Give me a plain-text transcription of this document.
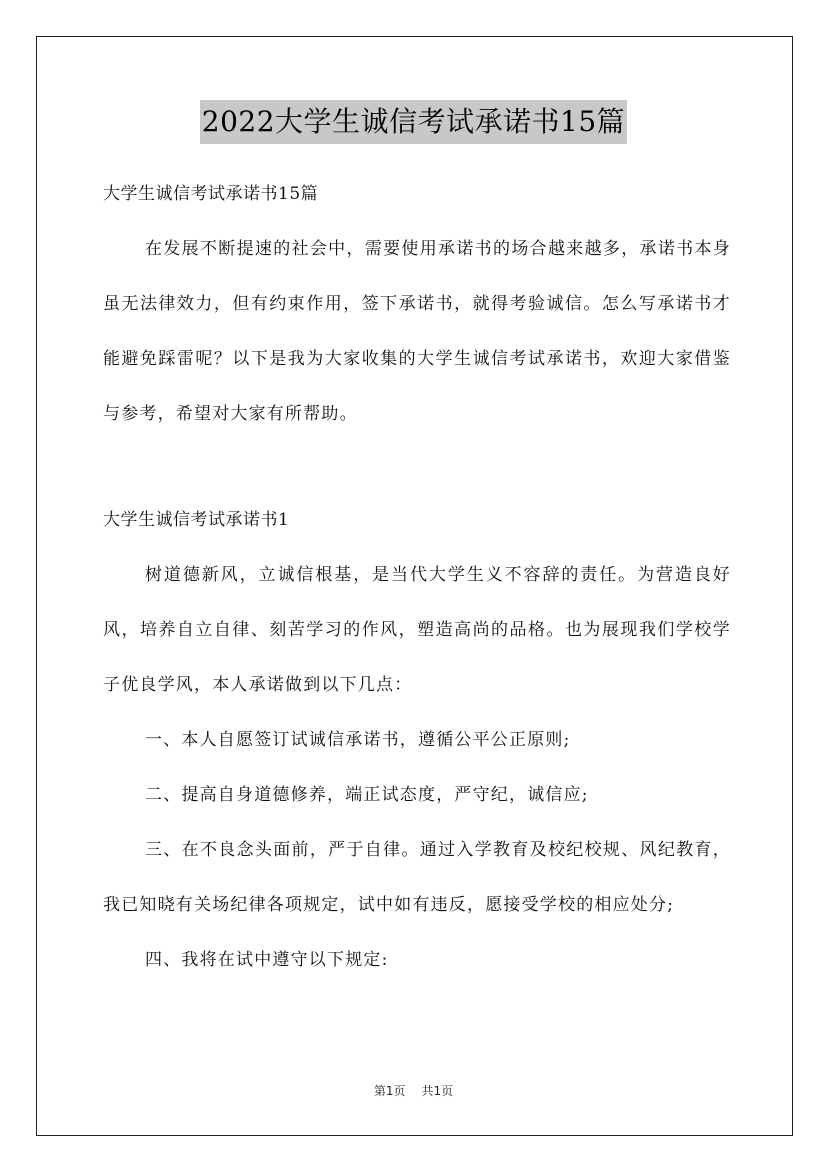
2022大学生诚信考试承诺书15篇

大学生诚信考试承诺书15篇

在发展不断提速的社会中，需要使用承诺书的场合越来越多，承诺书本身虽无法律效力，但有约束作用，签下承诺书，就得考验诚信。怎么写承诺书才能避免踩雷呢？以下是我为大家收集的大学生诚信考试承诺书，欢迎大家借鉴与参考，希望对大家有所帮助。

大学生诚信考试承诺书1

树道德新风，立诚信根基，是当代大学生义不容辞的责任。为营造良好风，培养自立自律、刻苦学习的作风，塑造高尚的品格。也为展现我们学校学子优良学风，本人承诺做到以下几点：

一、本人自愿签订试诚信承诺书，遵循公平公正原则;

二、提高自身道德修养，端正试态度，严守纪，诚信应;

三、在不良念头面前，严于自律。通过入学教育及校纪校规、风纪教育，我已知晓有关场纪律各项规定，试中如有违反，愿接受学校的相应处分;

四、我将在试中遵守以下规定:

第1页 共1页
